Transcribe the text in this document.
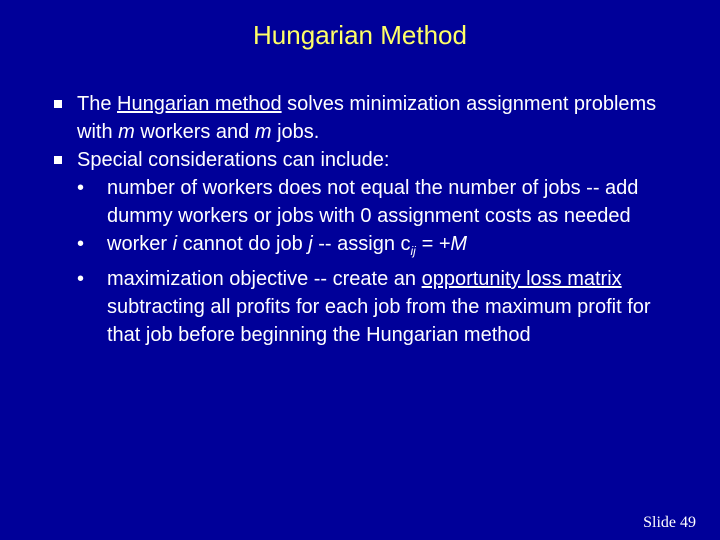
Hungarian Method
The Hungarian method solves minimization assignment problems with m workers and m jobs.
Special considerations can include:
• number of workers does not equal the number of jobs -- add dummy workers or jobs with 0 assignment costs as needed
• worker i cannot do job j -- assign $c_{ij} = +M$
• maximization objective -- create an opportunity loss matrix subtracting all profits for each job from the maximum profit for that job before beginning the Hungarian method
Slide 49
